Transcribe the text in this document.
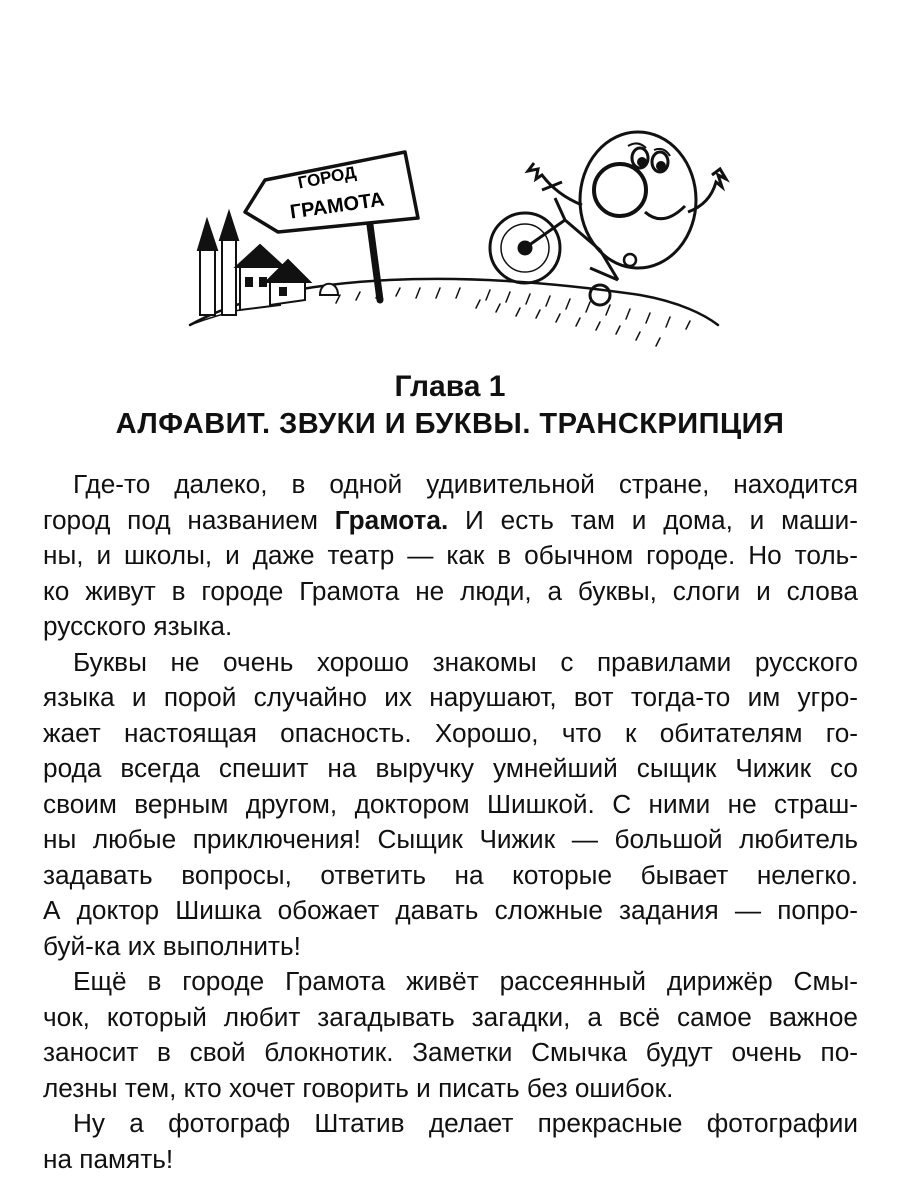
ГОРОД
ГРАМОТА
Глава 1
АЛФАВИТ. ЗВУКИ И БУКВЫ. ТРАНСКРИПЦИЯ
Где-то далеко, в одной удивительной стране, находится
город под названием Грамота. И есть там и дома, и маши-
ны, и школы, и даже театр — как в обычном городе. Но толь-
ко живут в городе Грамота не люди, а буквы, слоги и слова
русского языка.
Буквы не очень хорошо знакомы с правилами русского
языка и порой случайно их нарушают, вот тогда-то им угро-
жает настоящая опасность. Хорошо, что к обитателям го-
рода всегда спешит на выручку умнейший сыщик Чижик со
своим верным другом, доктором Шишкой. С ними не страш-
ны любые приключения! Сыщик Чижик — большой любитель
задавать вопросы, ответить на которые бывает нелегко.
А доктор Шишка обожает давать сложные задания — попро-
буй-ка их выполнить!
Ещё в городе Грамота живёт рассеянный дирижёр Смы-
чок, который любит загадывать загадки, а всё самое важное
заносит в свой блокнотик. Заметки Смычка будут очень по-
лезны тем, кто хочет говорить и писать без ошибок.
Ну а фотограф Штатив делает прекрасные фотографии
на память!
